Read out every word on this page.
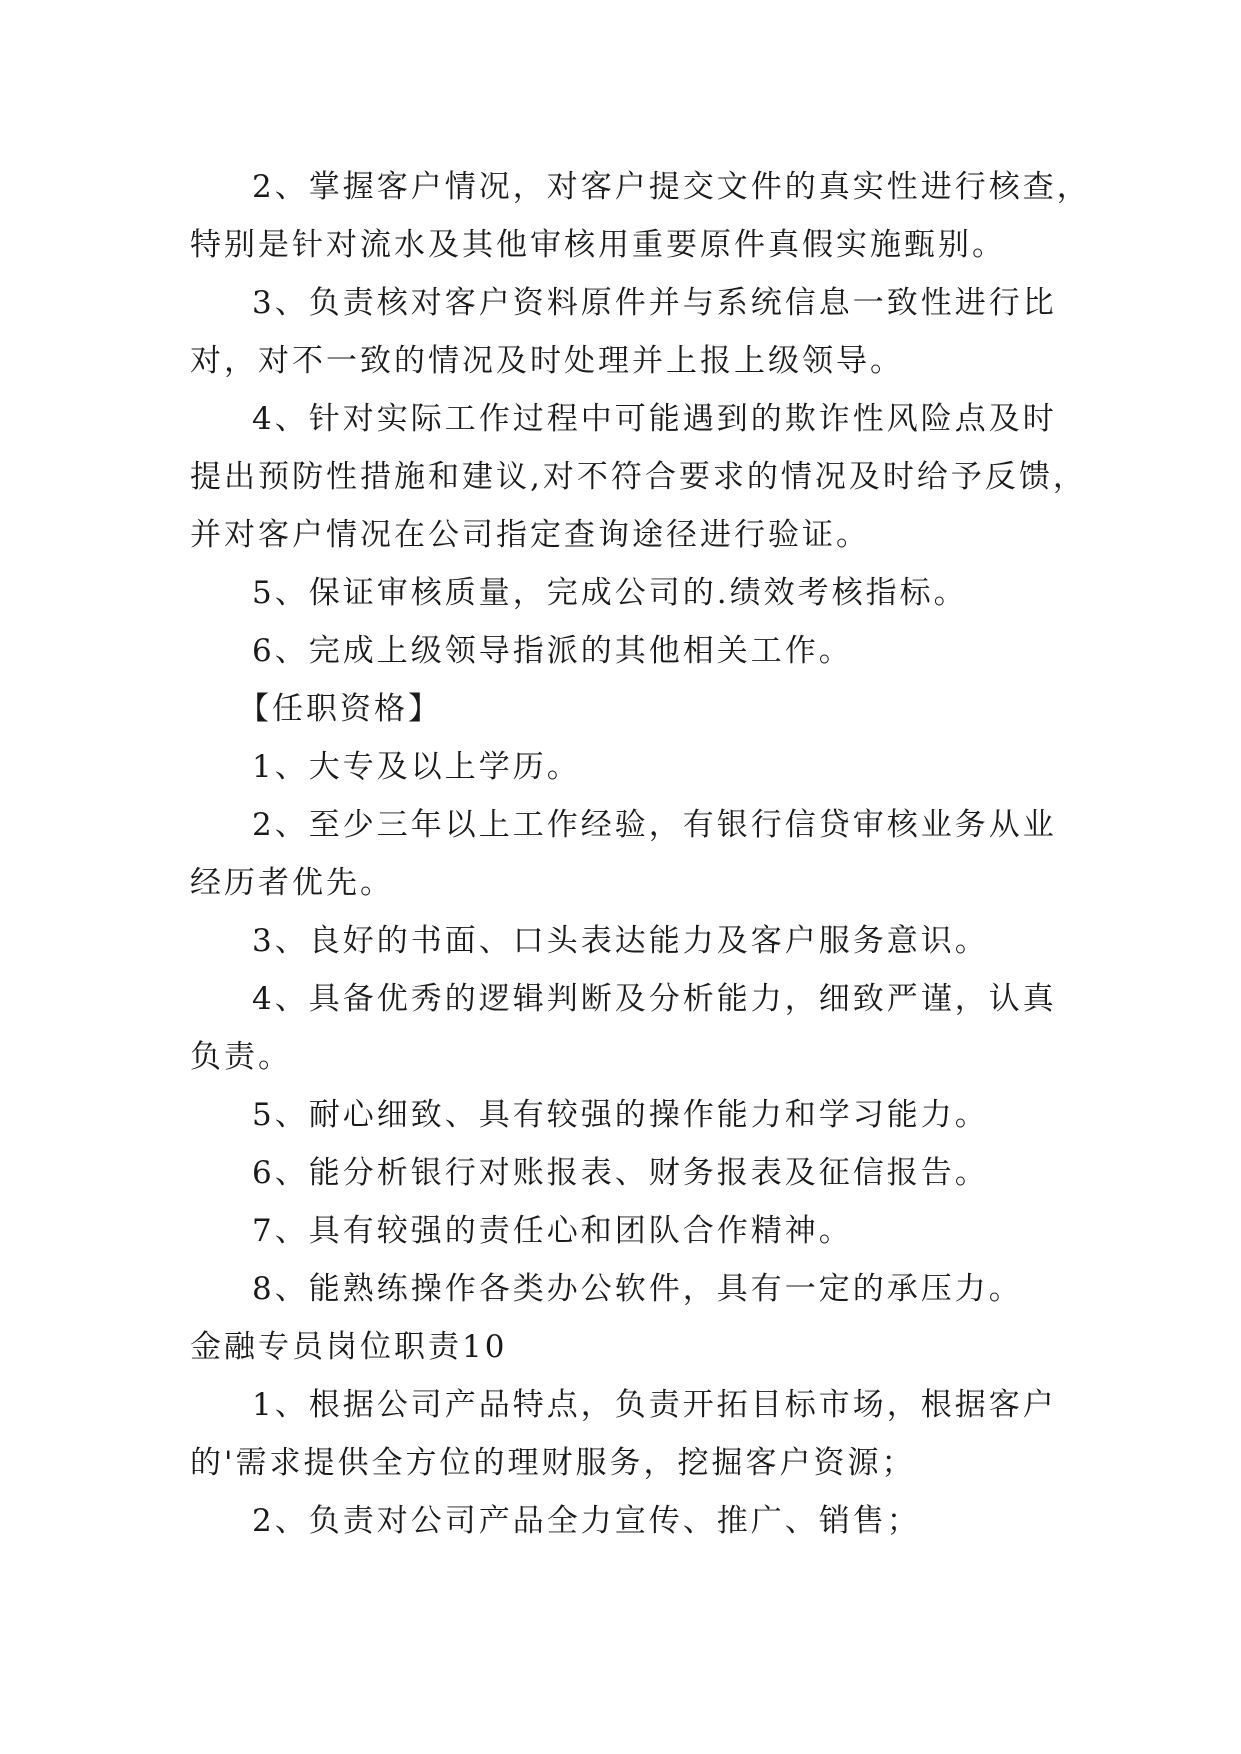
2、掌握客户情况，对客户提交文件的真实性进行核查，
特别是针对流水及其他审核用重要原件真假实施甄别。
3、负责核对客户资料原件并与系统信息一致性进行比
对，对不一致的情况及时处理并上报上级领导。
4、针对实际工作过程中可能遇到的欺诈性风险点及时
提出预防性措施和建议,对不符合要求的情况及时给予反馈，
并对客户情况在公司指定查询途径进行验证。
5、保证审核质量，完成公司的.绩效考核指标。
6、完成上级领导指派的其他相关工作。
【任职资格】
1、大专及以上学历。
2、至少三年以上工作经验，有银行信贷审核业务从业
经历者优先。
3、良好的书面、口头表达能力及客户服务意识。
4、具备优秀的逻辑判断及分析能力，细致严谨，认真
负责。
5、耐心细致、具有较强的操作能力和学习能力。
6、能分析银行对账报表、财务报表及征信报告。
7、具有较强的责任心和团队合作精神。
8、能熟练操作各类办公软件，具有一定的承压力。
金融专员岗位职责10
1、根据公司产品特点，负责开拓目标市场，根据客户
的'需求提供全方位的理财服务，挖掘客户资源；
2、负责对公司产品全力宣传、推广、销售；
